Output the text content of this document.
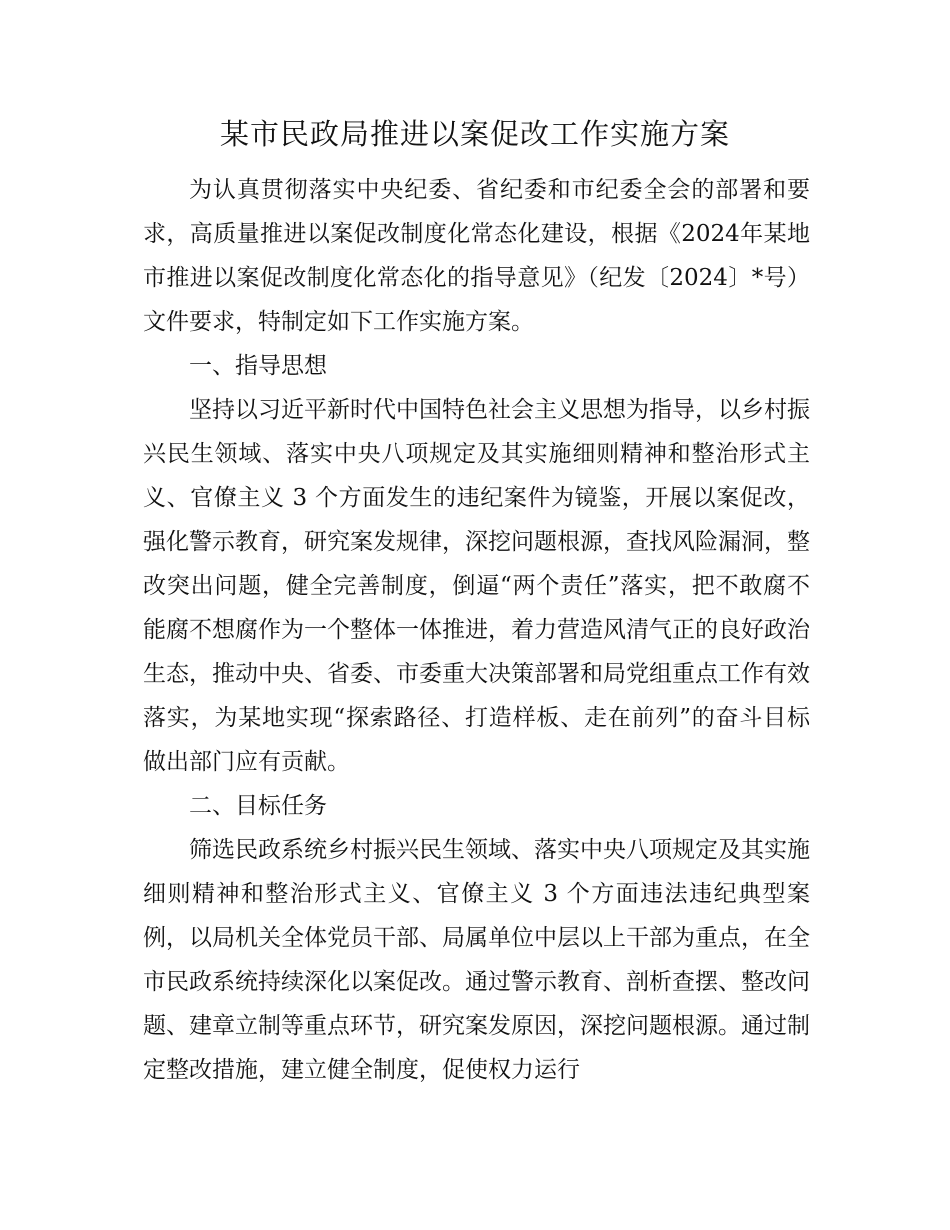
某市民政局推进以案促改工作实施方案

为认真贯彻落实中央纪委、省纪委和市纪委全会的部署和要求，高质量推进以案促改制度化常态化建设，根据《2024年某地市推进以案促改制度化常态化的指导意见》（纪发〔2024〕*号）文件要求，特制定如下工作实施方案。

一、指导思想

坚持以习近平新时代中国特色社会主义思想为指导，以乡村振兴民生领域、落实中央八项规定及其实施细则精神和整治形式主义、官僚主义 3 个方面发生的违纪案件为镜鉴，开展以案促改，强化警示教育，研究案发规律，深挖问题根源，查找风险漏洞，整改突出问题，健全完善制度，倒逼“两个责任”落实，把不敢腐不能腐不想腐作为一个整体一体推进，着力营造风清气正的良好政治生态，推动中央、省委、市委重大决策部署和局党组重点工作有效落实，为某地实现“探索路径、打造样板、走在前列”的奋斗目标做出部门应有贡献。

二、目标任务

筛选民政系统乡村振兴民生领域、落实中央八项规定及其实施细则精神和整治形式主义、官僚主义 3 个方面违法违纪典型案例，以局机关全体党员干部、局属单位中层以上干部为重点，在全市民政系统持续深化以案促改。通过警示教育、剖析查摆、整改问题、建章立制等重点环节，研究案发原因，深挖问题根源。通过制定整改措施，建立健全制度，促使权力运行
